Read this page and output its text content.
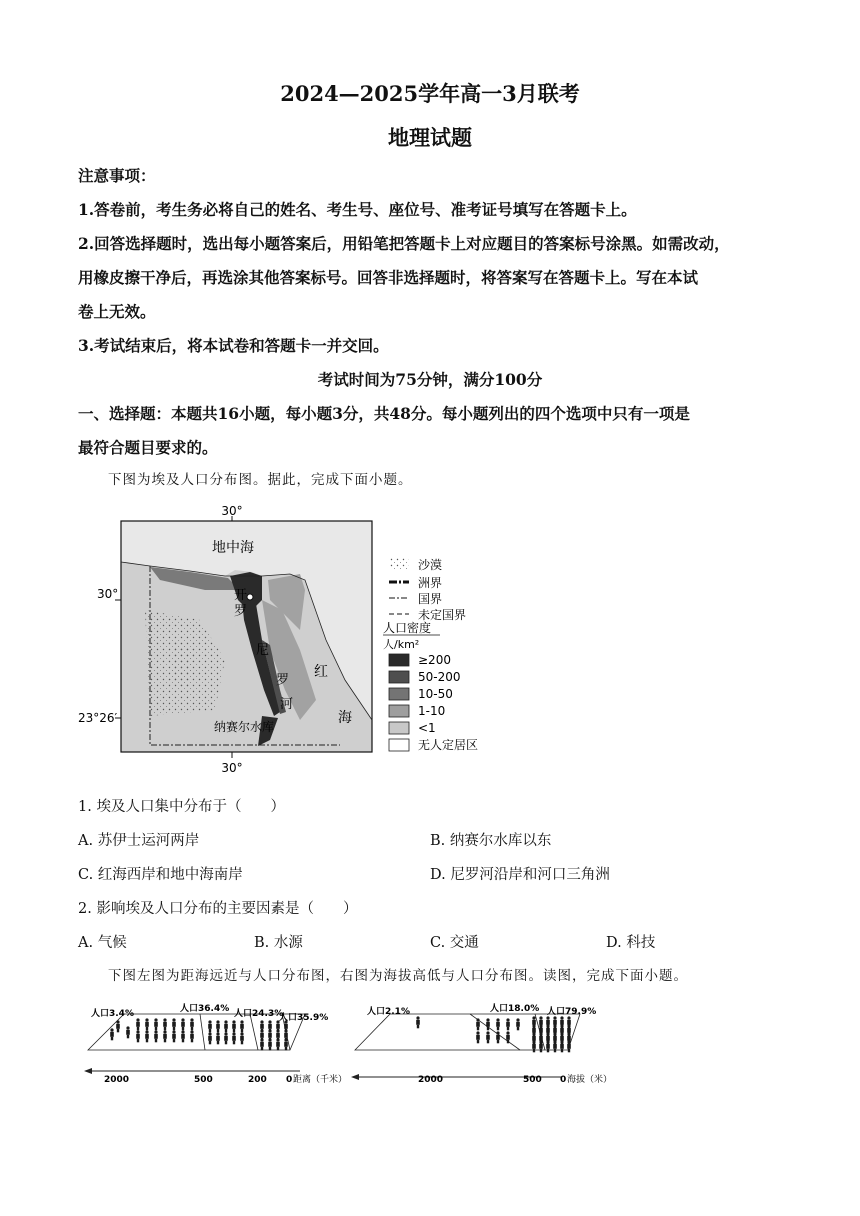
2024—2025学年高一3月联考
地理试题
注意事项：
1.答卷前，考生务必将自己的姓名、考生号、座位号、准考证号填写在答题卡上。
2.回答选择题时，选出每小题答案后，用铅笔把答题卡上对应题目的答案标号涂黑。如需改动，
用橡皮擦干净后，再选涂其他答案标号。回答非选择题时，将答案写在答题卡上。写在本试
卷上无效。
3.考试结束后，将本试卷和答题卡一并交回。
考试时间为75分钟，满分100分
一、选择题：本题共16小题，每小题3分，共48分。每小题列出的四个选项中只有一项是
最符合题目要求的。
下图为埃及人口分布图。据此，完成下面小题。
30°
30°
30°
23°26′
地中海
开
罗
尼
罗
河
红
海
纳赛尔水库
沙漠
洲界
国界
未定国界
人口密度
人/km²
≥200
50-200
10-50
1-10
<1
无人定居区
1. 埃及人口集中分布于（　　）
A. 苏伊士运河两岸	B. 纳赛尔水库以东
C. 红海西岸和地中海南岸	D. 尼罗河沿岸和河口三角洲
2. 影响埃及人口分布的主要因素是（　　）
A. 气候	B. 水源	C. 交通	D. 科技
下图左图为距海远近与人口分布图，右图为海拔高低与人口分布图。读图，完成下面小题。
人口3.4%	人口36.4% 人口24.3%
人口35.9%
2000	500	200 0 距离（千米）
人口2.1%	人口18.0% 人口79.9%
2000	500 0 海拔（米）
